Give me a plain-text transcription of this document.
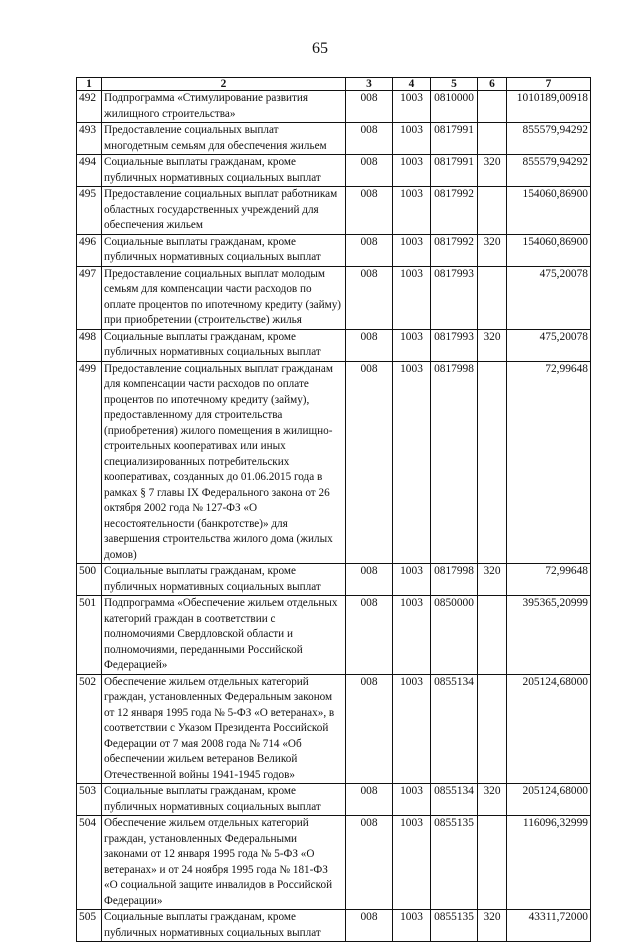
65
1	2	3	4	5	6	7
492	Подпрограмма «Стимулирование развития жилищного строительства»	008	1003	0810000		1010189,00918
493	Предоставление социальных выплат многодетным семьям для обеспечения жильем	008	1003	0817991		855579,94292
494	Социальные выплаты гражданам, кроме публичных нормативных социальных выплат	008	1003	0817991	320	855579,94292
495	Предоставление социальных выплат работникам областных государственных учреждений для обеспечения жильем	008	1003	0817992		154060,86900
496	Социальные выплаты гражданам, кроме публичных нормативных социальных выплат	008	1003	0817992	320	154060,86900
497	Предоставление социальных выплат молодым семьям для компенсации части расходов по оплате процентов по ипотечному кредиту (займу) при приобретении (строительстве) жилья	008	1003	0817993		475,20078
498	Социальные выплаты гражданам, кроме публичных нормативных социальных выплат	008	1003	0817993	320	475,20078
499	Предоставление социальных выплат гражданам для компенсации части расходов по оплате процентов по ипотечному кредиту (займу), предоставленному для строительства (приобретения) жилого помещения в жилищно-строительных кооперативах или иных специализированных потребительских кооперативах, созданных до 01.06.2015 года в рамках § 7 главы IX Федерального закона от 26 октября 2002 года № 127-ФЗ «О несостоятельности (банкротстве)» для завершения строительства жилого дома (жилых домов)	008	1003	0817998		72,99648
500	Социальные выплаты гражданам, кроме публичных нормативных социальных выплат	008	1003	0817998	320	72,99648
501	Подпрограмма «Обеспечение жильем отдельных категорий граждан в соответствии с полномочиями Свердловской области и полномочиями, переданными Российской Федерацией»	008	1003	0850000		395365,20999
502	Обеспечение жильем отдельных категорий граждан, установленных Федеральным законом от 12 января 1995 года № 5-ФЗ «О ветеранах», в соответствии с Указом Президента Российской Федерации от 7 мая 2008 года № 714 «Об обеспечении жильем ветеранов Великой Отечественной войны 1941-1945 годов»	008	1003	0855134		205124,68000
503	Социальные выплаты гражданам, кроме публичных нормативных социальных выплат	008	1003	0855134	320	205124,68000
504	Обеспечение жильем отдельных категорий граждан, установленных Федеральными законами от 12 января 1995 года № 5-ФЗ «О ветеранах» и от 24 ноября 1995 года № 181-ФЗ «О социальной защите инвалидов в Российской Федерации»	008	1003	0855135		116096,32999
505	Социальные выплаты гражданам, кроме публичных нормативных социальных выплат	008	1003	0855135	320	43311,72000
